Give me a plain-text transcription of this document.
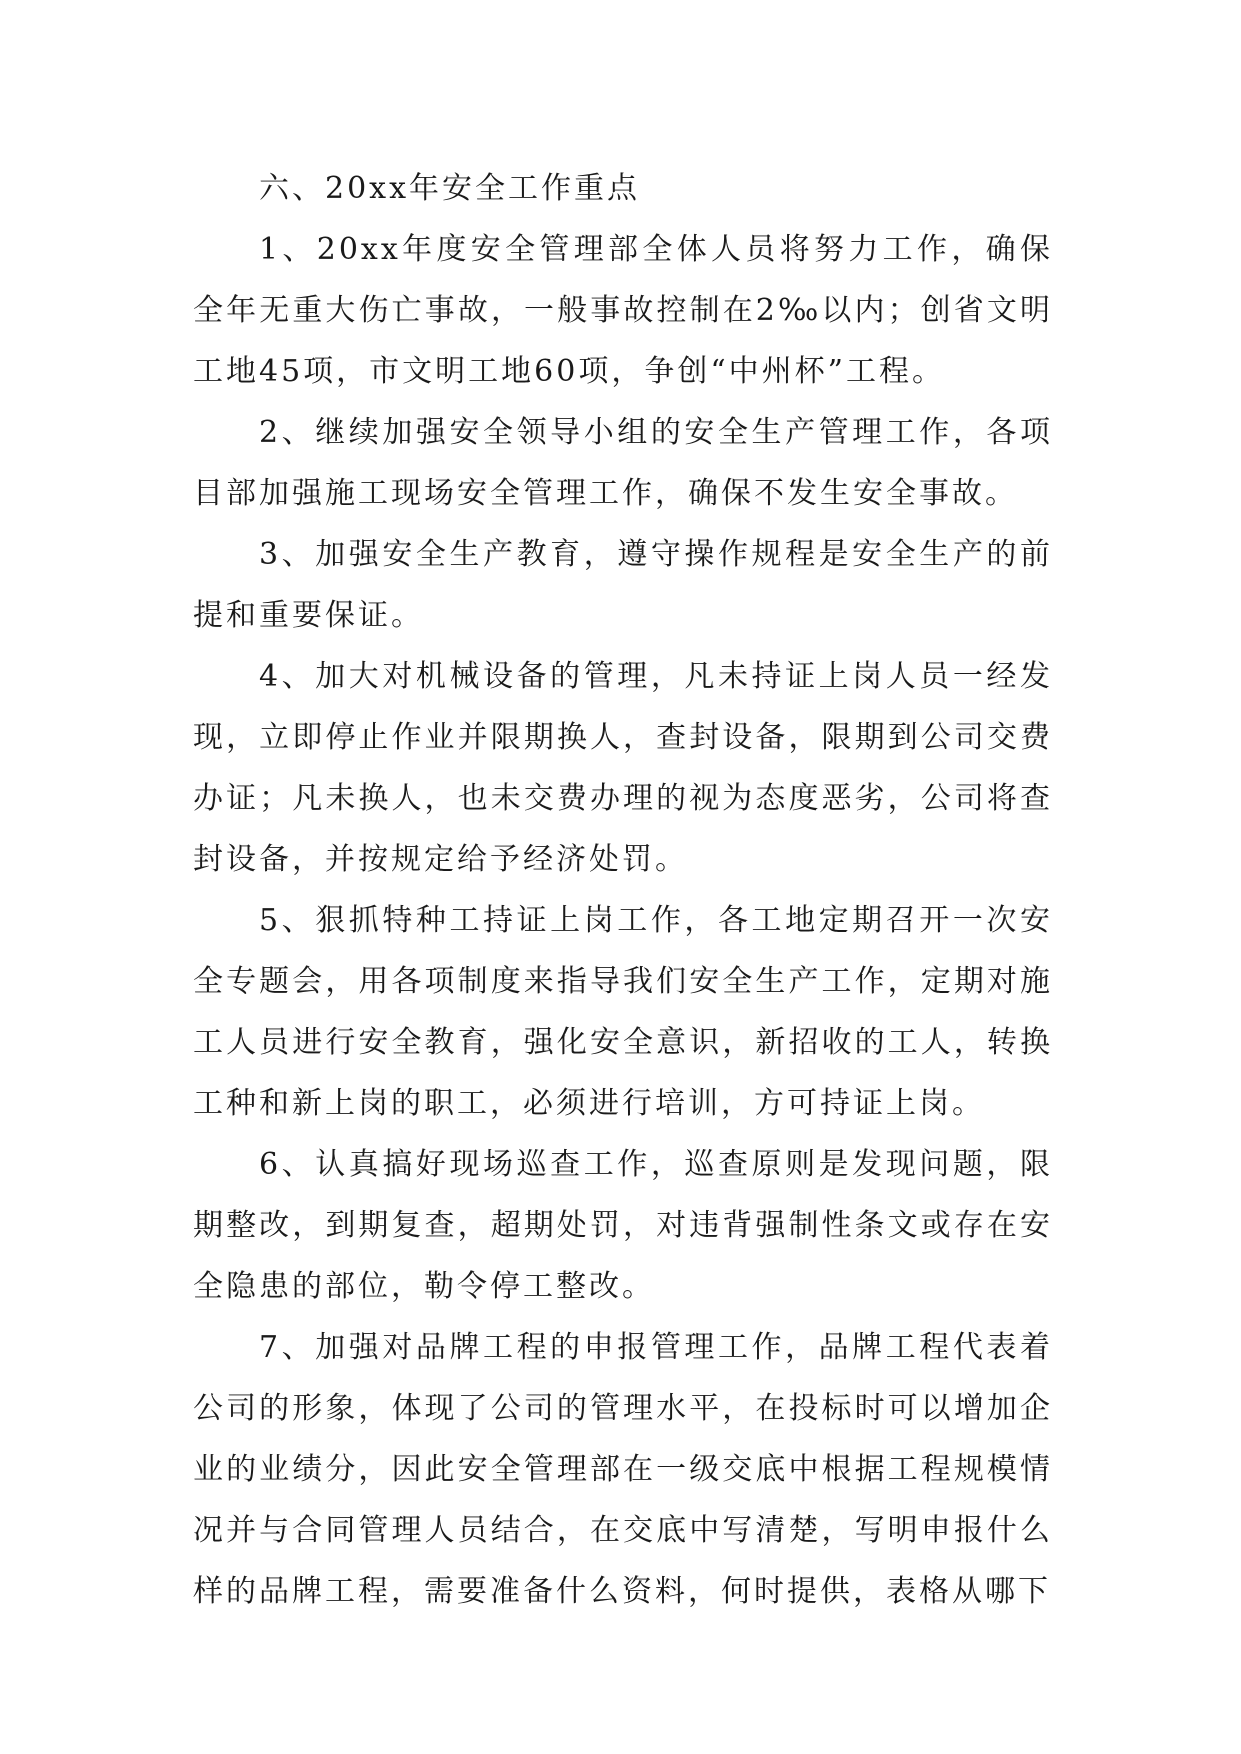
六、20xx年安全工作重点

1、20xx年度安全管理部全体人员将努力工作，确保全年无重大伤亡事故，一般事故控制在2‰以内；创省文明工地45项，市文明工地60项，争创“中州杯”工程。

2、继续加强安全领导小组的安全生产管理工作，各项目部加强施工现场安全管理工作，确保不发生安全事故。

3、加强安全生产教育，遵守操作规程是安全生产的前提和重要保证。

4、加大对机械设备的管理，凡未持证上岗人员一经发现，立即停止作业并限期换人，查封设备，限期到公司交费办证；凡未换人，也未交费办理的视为态度恶劣，公司将查封设备，并按规定给予经济处罚。

5、狠抓特种工持证上岗工作，各工地定期召开一次安全专题会，用各项制度来指导我们安全生产工作，定期对施工人员进行安全教育，强化安全意识，新招收的工人，转换工种和新上岗的职工，必须进行培训，方可持证上岗。

6、认真搞好现场巡查工作，巡查原则是发现问题，限期整改，到期复查，超期处罚，对违背强制性条文或存在安全隐患的部位，勒令停工整改。

7、加强对品牌工程的申报管理工作，品牌工程代表着公司的形象，体现了公司的管理水平，在投标时可以增加企业的业绩分，因此安全管理部在一级交底中根据工程规模情况并与合同管理人员结合，在交底中写清楚，写明申报什么样的品牌工程，需要准备什么资料，何时提供，表格从哪下
